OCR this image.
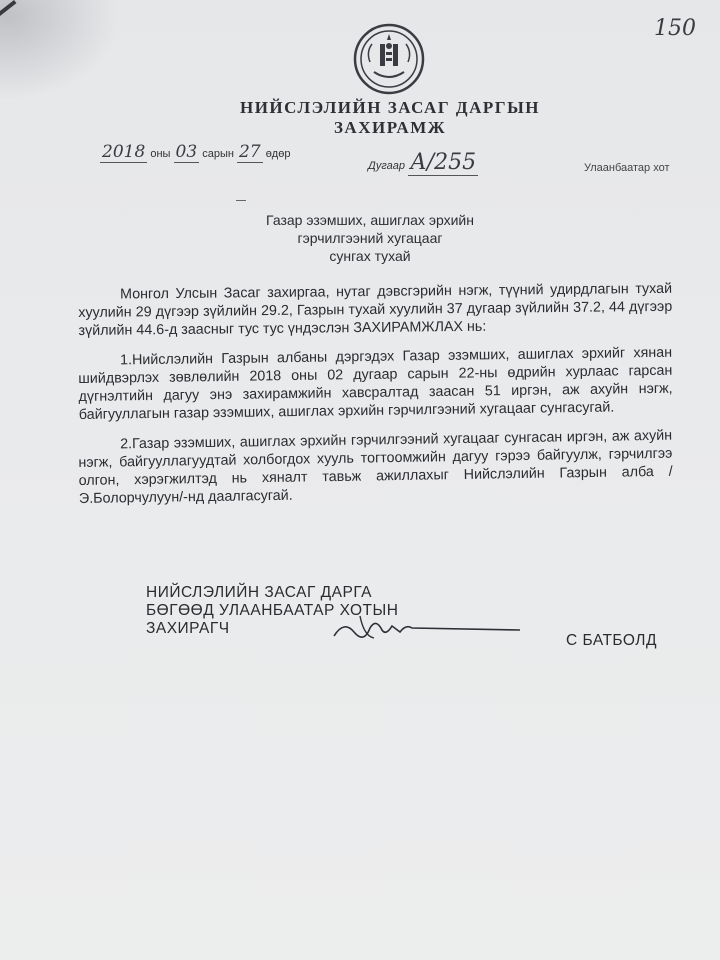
150
НИЙСЛЭЛИЙН ЗАСАГ ДАРГЫН
ЗАХИРАМЖ
2018 оны 03 сарын 27 өдөр
Дугаар А/255	Улаанбаатар хот
Газар эзэмших, ашиглах эрхийн
гэрчилгээний хугацааг
сунгах тухай

Монгол Улсын Засаг захиргаа, нутаг дэвсгэрийн нэгж, түүний удирдлагын тухай хуулийн 29 дүгээр зүйлийн 29.2, Газрын тухай хуулийн 37 дугаар зүйлийн 37.2, 44 дүгээр зүйлийн 44.6-д заасныг тус тус үндэслэн ЗАХИРАМЖЛАХ нь:

1.Нийслэлийн Газрын албаны дэргэдэх Газар эзэмших, ашиглах эрхийг хянан шийдвэрлэх зөвлөлийн 2018 оны 02 дугаар сарын 22-ны өдрийн хурлаас гарсан дүгнэлтийн дагуу энэ захирамжийн хавсралтад заасан 51 иргэн, аж ахуйн нэгж, байгууллагын газар эзэмших, ашиглах эрхийн гэрчилгээний хугацааг сунгасугай.

2.Газар эзэмших, ашиглах эрхийн гэрчилгээний хугацааг сунгасан иргэн, аж ахуйн нэгж, байгууллагуудтай холбогдох хууль тогтоомжийн дагуу гэрээ байгуулж, гэрчилгээ олгон, хэрэгжилтэд нь хяналт тавьж ажиллахыг Нийслэлийн Газрын алба /Э.Болорчулуун/-нд даалгасугай.

НИЙСЛЭЛИЙН ЗАСАГ ДАРГА
БӨГӨӨД УЛААНБААТАР ХОТЫН
ЗАХИРАГЧ
С БАТБОЛД
